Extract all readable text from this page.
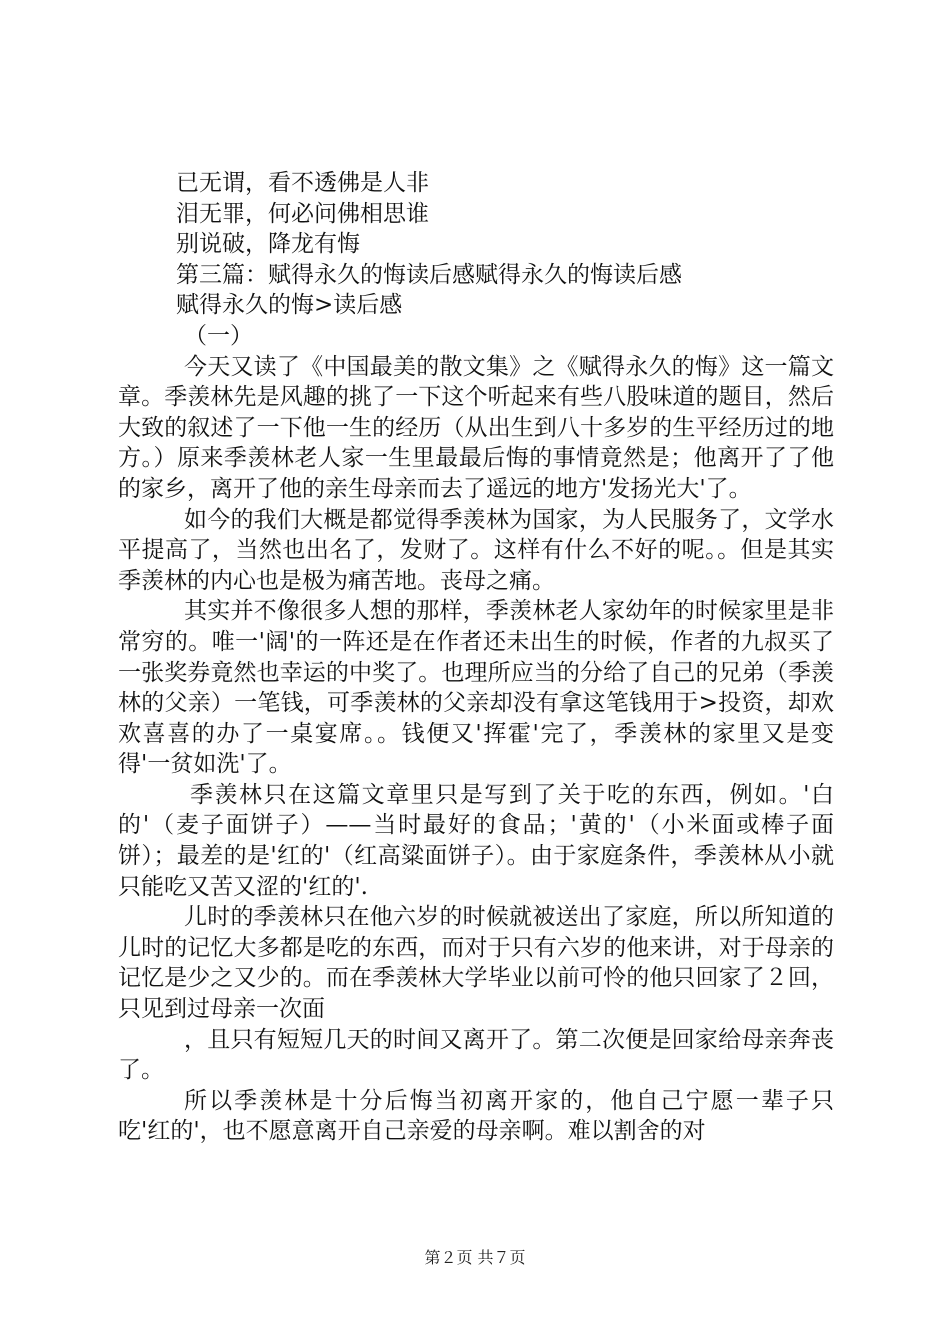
已无谓，看不透佛是人非
泪无罪，何必问佛相思谁
别说破，降龙有悔
第三篇：赋得永久的悔读后感赋得永久的悔读后感
赋得永久的悔>读后感
（一）

今天又读了《中国最美的散文集》之《赋得永久的悔》这一篇文章。季羡林先是风趣的挑了一下这个听起来有些八股味道的题目，然后大致的叙述了一下他一生的经历（从出生到八十多岁的生平经历过的地方。）原来季羡林老人家一生里最最后悔的事情竟然是；他离开了了他的家乡，离开了他的亲生母亲而去了遥远的地方'发扬光大'了。

如今的我们大概是都觉得季羡林为国家，为人民服务了，文学水平提高了，当然也出名了，发财了。这样有什么不好的呢。。但是其实季羡林的内心也是极为痛苦地。丧母之痛。

其实并不像很多人想的那样，季羡林老人家幼年的时候家里是非常穷的。唯一'阔'的一阵还是在作者还未出生的时候，作者的九叔买了一张奖券竟然也幸运的中奖了。也理所应当的分给了自己的兄弟（季羡林的父亲）一笔钱，可季羡林的父亲却没有拿这笔钱用于>投资，却欢欢喜喜的办了一桌宴席。。钱便又'挥霍'完了，季羡林的家里又是变得'一贫如洗'了。

季羡林只在这篇文章里只是写到了关于吃的东西，例如。'白的'（麦子面饼子）——当时最好的食品；'黄的'（小米面或棒子面饼）；最差的是'红的'（红高粱面饼子）。由于家庭条件，季羡林从小就只能吃又苦又涩的'红的'.

儿时的季羡林只在他六岁的时候就被送出了家庭，所以所知道的儿时的记忆大多都是吃的东西，而对于只有六岁的他来讲，对于母亲的记忆是少之又少的。而在季羡林大学毕业以前可怜的他只回家了２回，只见到过母亲一次面

，且只有短短几天的时间又离开了。第二次便是回家给母亲奔丧了。

所以季羡林是十分后悔当初离开家的，他自己宁愿一辈子只吃'红的'，也不愿意离开自己亲爱的母亲啊。难以割舍的对

第２页 共７页
